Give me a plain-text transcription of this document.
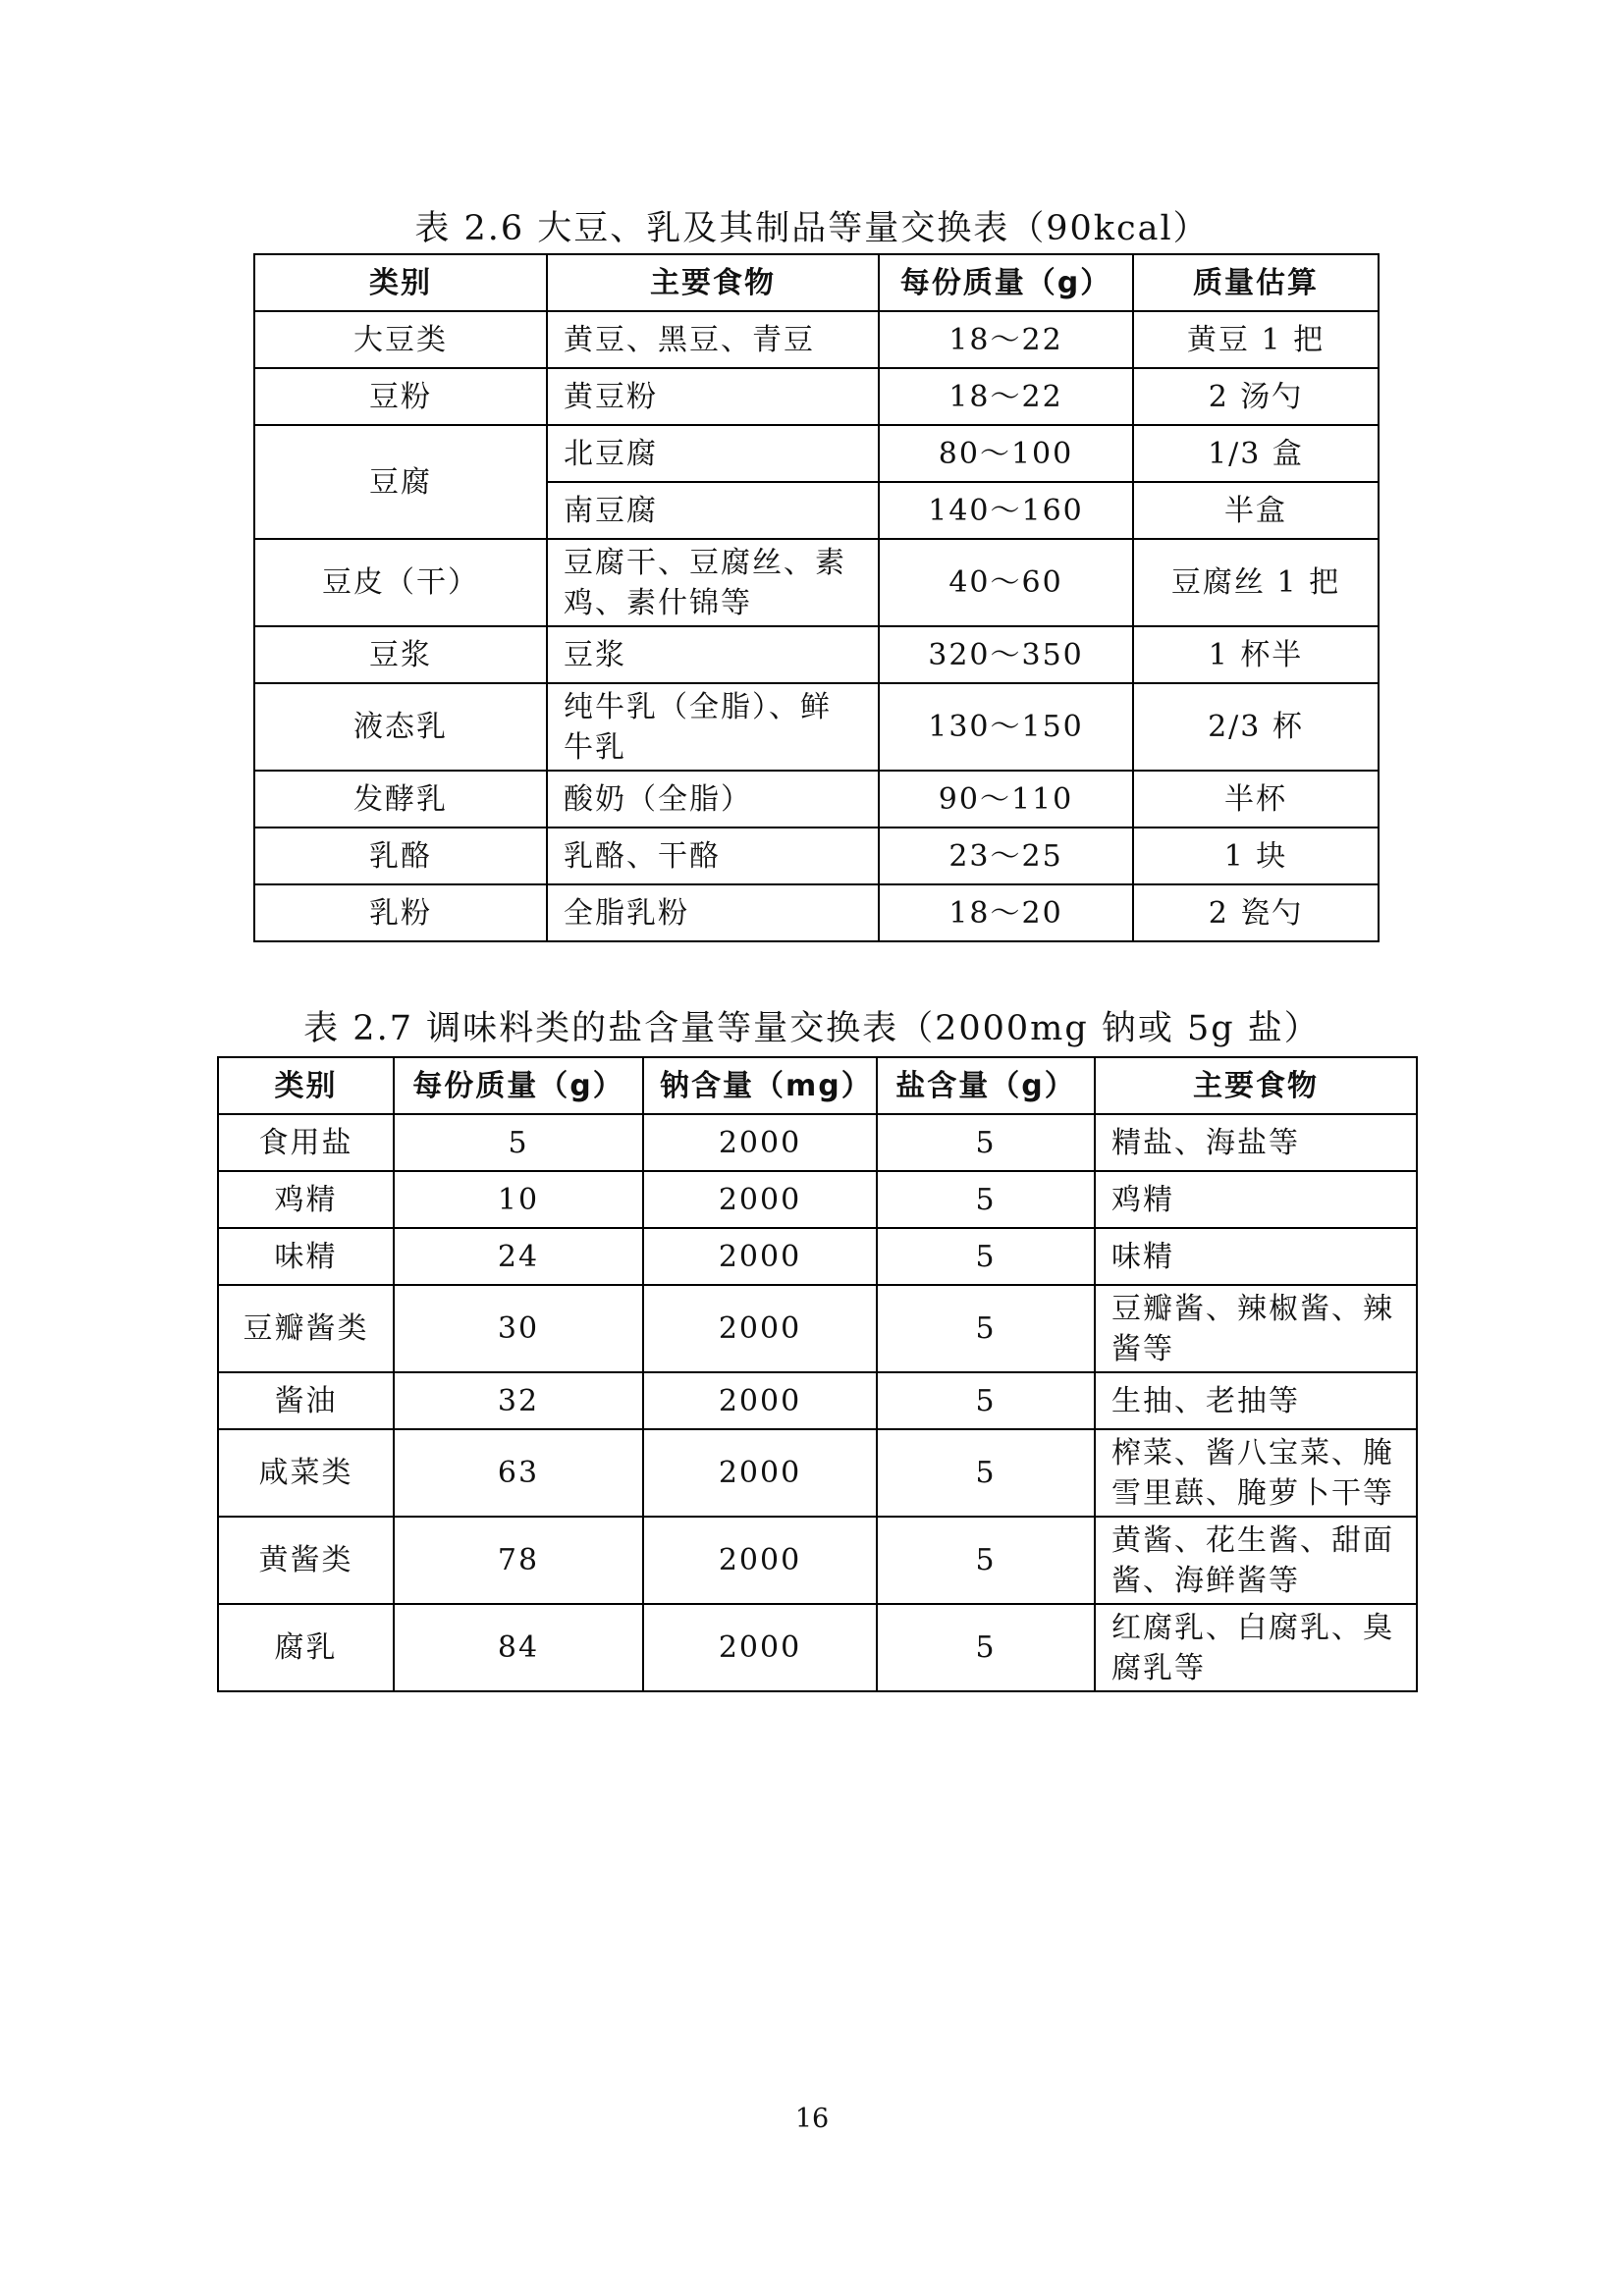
表 2.6 大豆、乳及其制品等量交换表（90kcal）
类别	主要食物	每份质量（g）	质量估算
大豆类	黄豆、黑豆、青豆	18～22	黄豆 1 把
豆粉	黄豆粉	18～22	2 汤勺
豆腐	北豆腐	80～100	1/3 盒
	南豆腐	140～160	半盒
豆皮（干）	豆腐干、豆腐丝、素鸡、素什锦等	40～60	豆腐丝 1 把
豆浆	豆浆	320～350	1 杯半
液态乳	纯牛乳（全脂）、鲜牛乳	130～150	2/3 杯
发酵乳	酸奶（全脂）	90～110	半杯
乳酪	乳酪、干酪	23～25	1 块
乳粉	全脂乳粉	18～20	2 瓷勺
表 2.7 调味料类的盐含量等量交换表（2000mg 钠或 5g 盐）
类别	每份质量（g）	钠含量（mg）	盐含量（g）	主要食物
食用盐	5	2000	5	精盐、海盐等
鸡精	10	2000	5	鸡精
味精	24	2000	5	味精
豆瓣酱类	30	2000	5	豆瓣酱、辣椒酱、辣酱等
酱油	32	2000	5	生抽、老抽等
咸菜类	63	2000	5	榨菜、酱八宝菜、腌雪里蕻、腌萝卜干等
黄酱类	78	2000	5	黄酱、花生酱、甜面酱、海鲜酱等
腐乳	84	2000	5	红腐乳、白腐乳、臭腐乳等
16
